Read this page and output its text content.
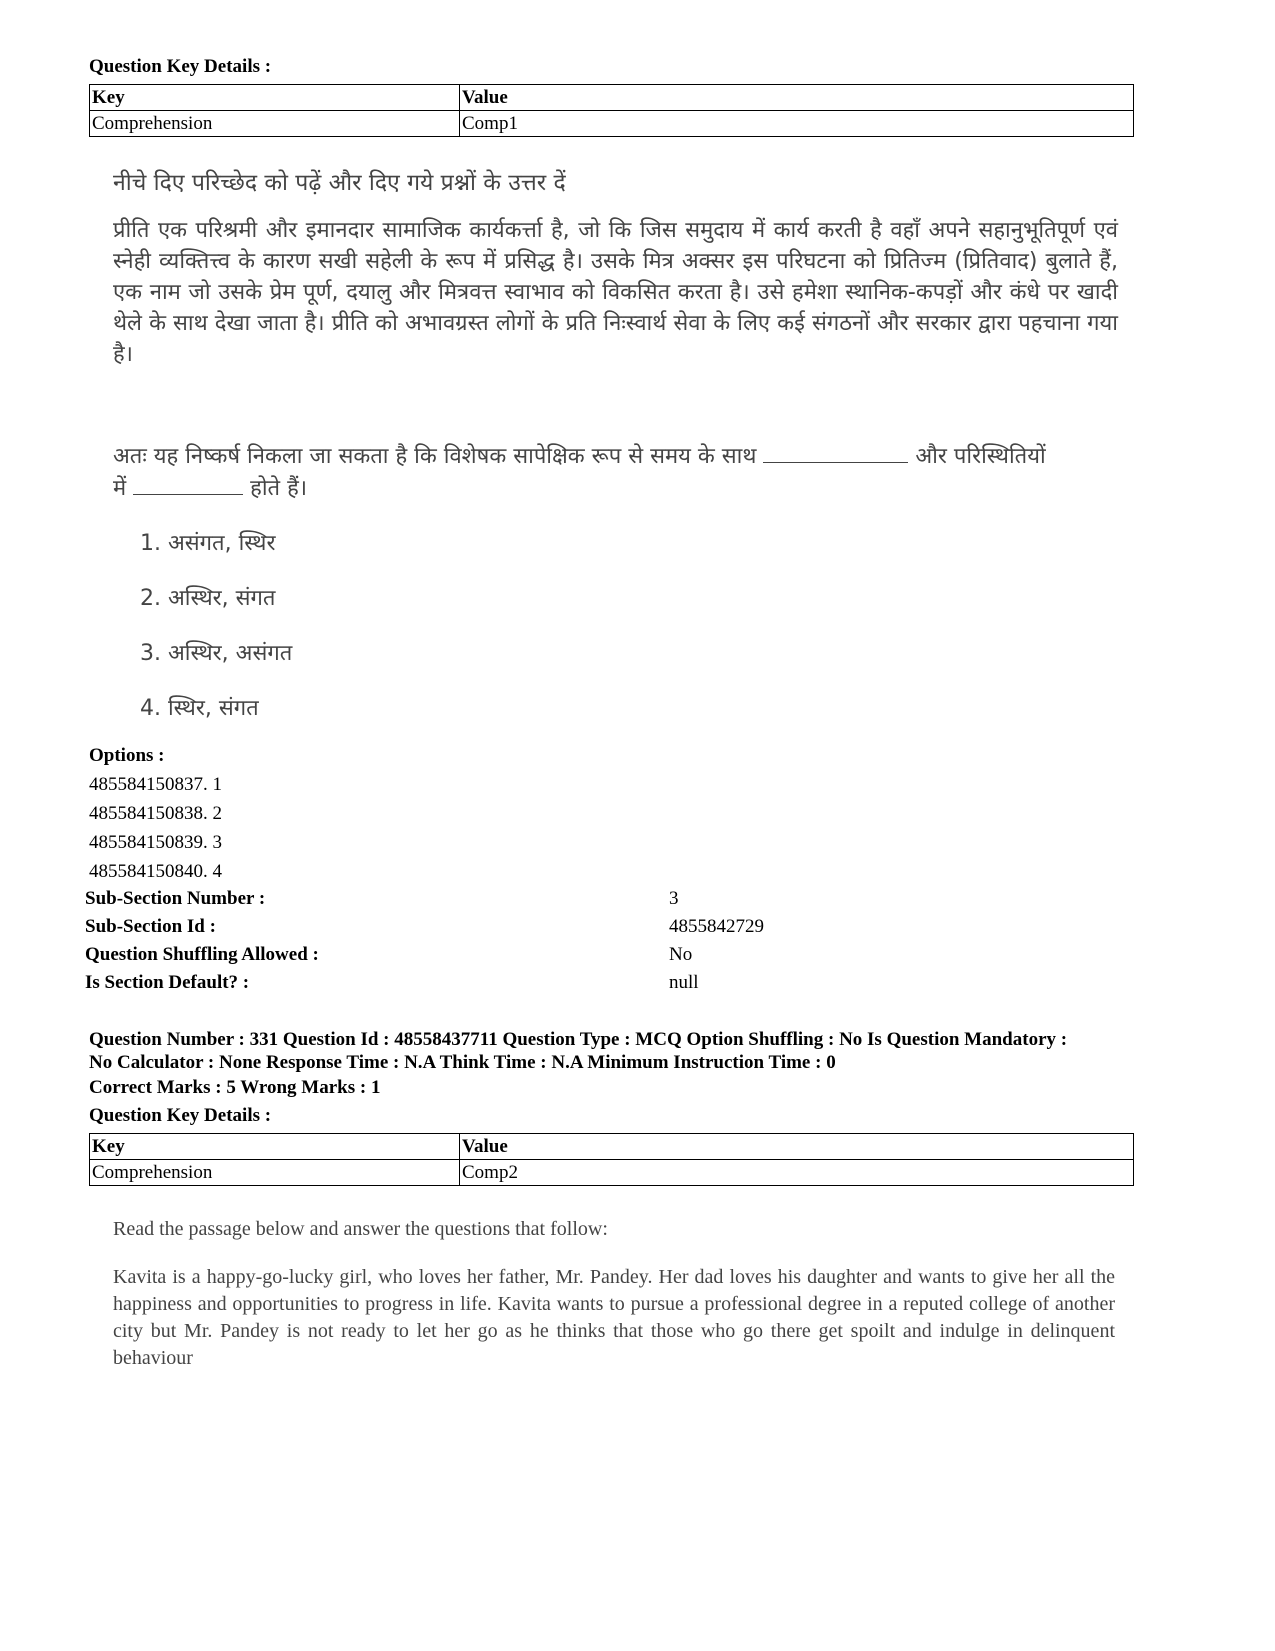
Question Key Details :
Key	Value
Comprehension	Comp1

नीचे दिए परिच्छेद को पढ़ें और दिए गये प्रश्नों के उत्तर दें

प्रीति एक परिश्रमी और इमानदार सामाजिक कार्यकर्त्ता है, जो कि जिस समुदाय में कार्य करती है वहाँ अपने सहानुभूतिपूर्ण एवं स्नेही व्यक्तित्त्व के कारण सखी सहेली के रूप में प्रसिद्ध है। उसके मित्र अक्सर इस परिघटना को प्रितिज्म (प्रितिवाद) बुलाते हैं, एक नाम जो उसके प्रेम पूर्ण, दयालु और मित्रवत्त स्वाभाव को विकसित करता है। उसे हमेशा स्थानिक-कपड़ों और कंधे पर खादी थेले के साथ देखा जाता है। प्रीति को अभावग्रस्त लोगों के प्रति निःस्वार्थ सेवा के लिए कई संगठनों और सरकार द्वारा पहचाना गया है।

अतः यह निष्कर्ष निकला जा सकता है कि विशेषक सापेक्षिक रूप से समय के साथ	और परिस्थितियों

में	होते हैं।

1. असंगत, स्थिर
2. अस्थिर, संगत
3. अस्थिर, असंगत
4. स्थिर, संगत
Options :
485584150837. 1
485584150838. 2
485584150839. 3
485584150840. 4
Sub-Section Number :	3
Sub-Section Id :	4855842729
Question Shuffling Allowed :	No
Is Section Default? :	null
Question Number : 331 Question Id : 48558437711 Question Type : MCQ Option Shuffling : No Is Question Mandatory :
No Calculator : None Response Time : N.A Think Time : N.A Minimum Instruction Time : 0
Correct Marks : 5 Wrong Marks : 1
Question Key Details :
Key	Value
Comprehension	Comp2
Read the passage below and answer the questions that follow:
Kavita is a happy-go-lucky girl, who loves her father, Mr. Pandey. Her dad loves his daughter and wants to give her all the happiness and opportunities to progress in life. Kavita wants to pursue a professional degree in a reputed college of another city but Mr. Pandey is not ready to let her go as he thinks that those who go there get spoilt and indulge in delinquent behaviour
